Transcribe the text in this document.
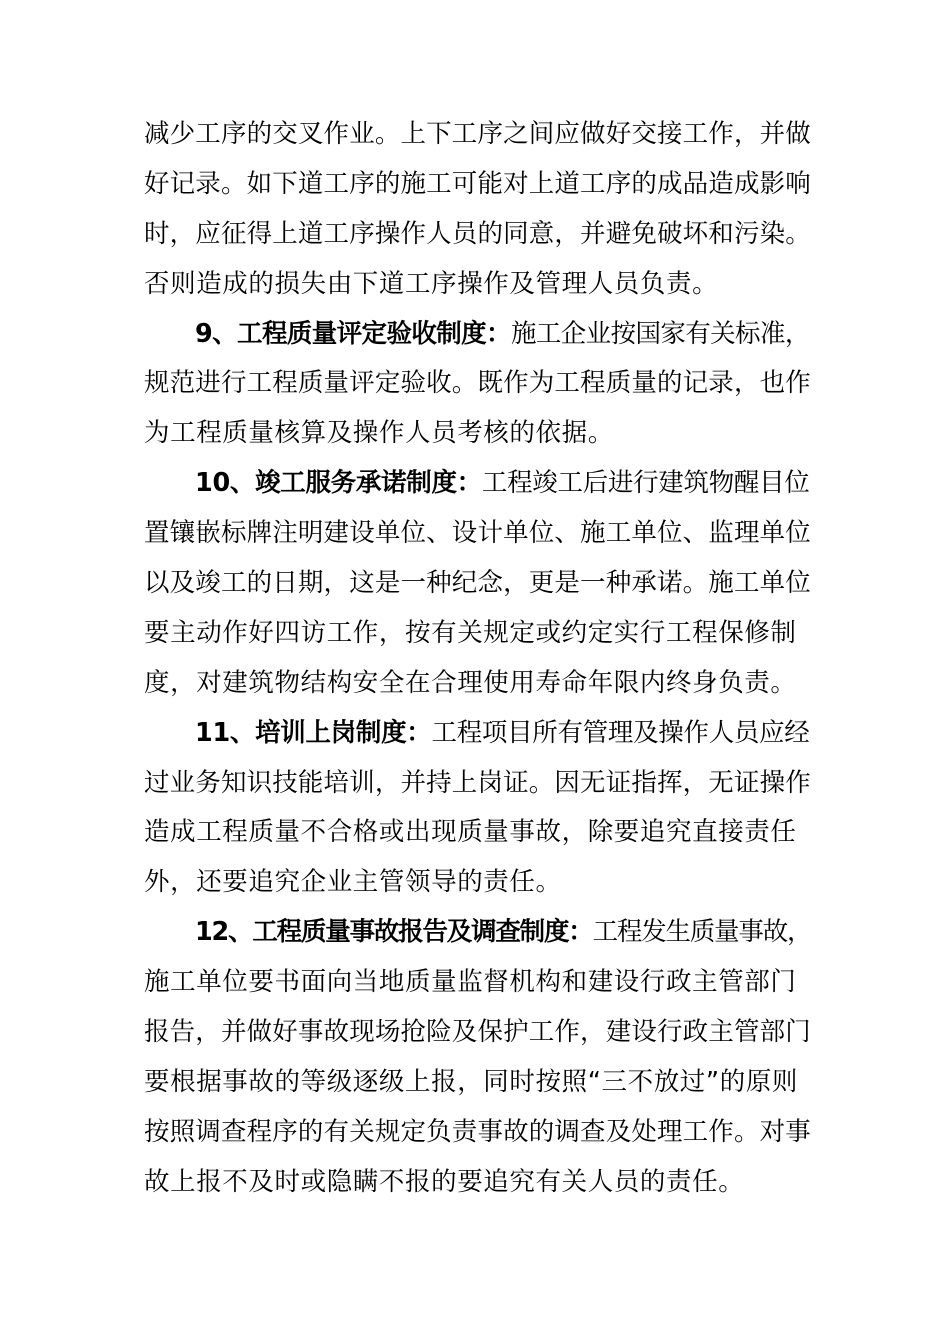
减少工序的交叉作业。上下工序之间应做好交接工作，并做
好记录。如下道工序的施工可能对上道工序的成品造成影响
时，应征得上道工序操作人员的同意，并避免破坏和污染。
否则造成的损失由下道工序操作及管理人员负责。
9、工程质量评定验收制度：施工企业按国家有关标准，
规范进行工程质量评定验收。既作为工程质量的记录，也作
为工程质量核算及操作人员考核的依据。
10、竣工服务承诺制度：工程竣工后进行建筑物醒目位
置镶嵌标牌注明建设单位、设计单位、施工单位、监理单位
以及竣工的日期，这是一种纪念，更是一种承诺。施工单位
要主动作好四访工作，按有关规定或约定实行工程保修制
度，对建筑物结构安全在合理使用寿命年限内终身负责。
11、培训上岗制度：工程项目所有管理及操作人员应经
过业务知识技能培训，并持上岗证。因无证指挥，无证操作
造成工程质量不合格或出现质量事故，除要追究直接责任
外，还要追究企业主管领导的责任。
12、工程质量事故报告及调查制度：工程发生质量事故，
施工单位要书面向当地质量监督机构和建设行政主管部门
报告，并做好事故现场抢险及保护工作，建设行政主管部门
要根据事故的等级逐级上报，同时按照“三不放过”的原则
按照调查程序的有关规定负责事故的调查及处理工作。对事
故上报不及时或隐瞒不报的要追究有关人员的责任。
